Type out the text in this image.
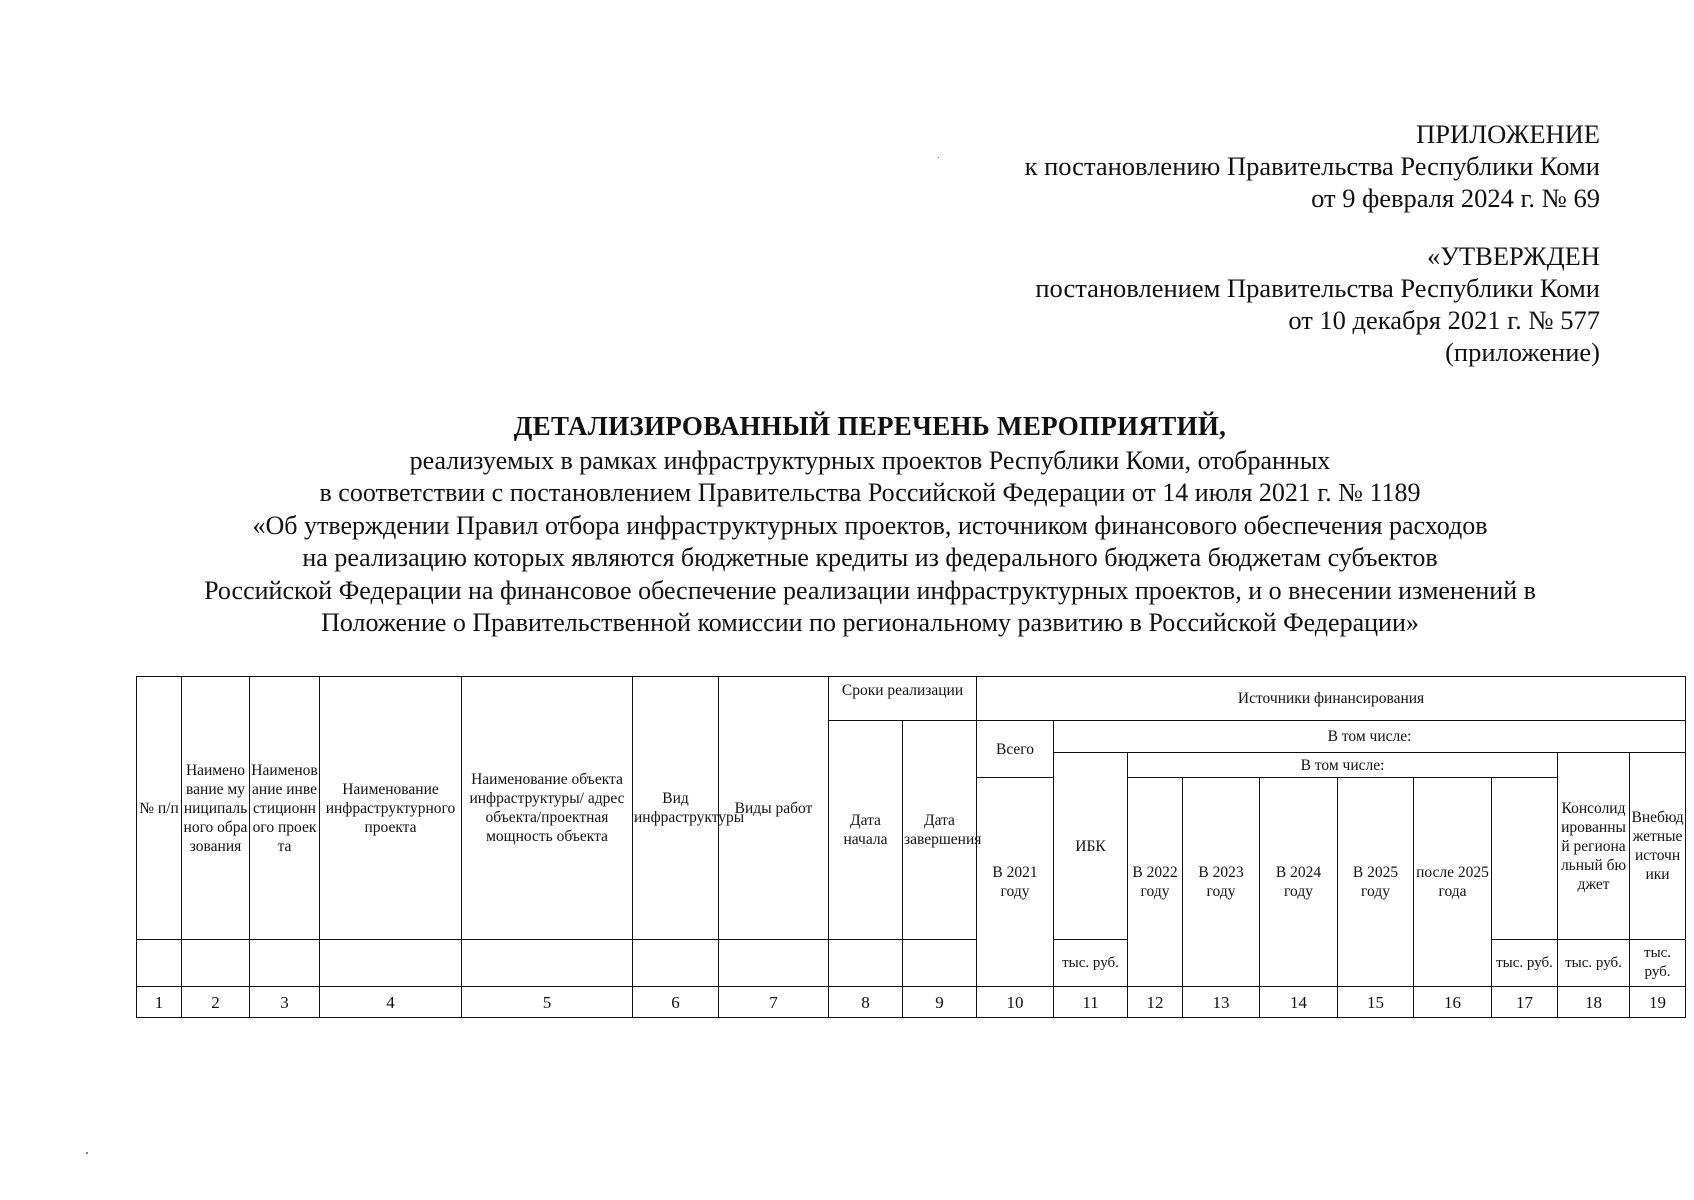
ПРИЛОЖЕНИЕ
к постановлению Правительства Республики Коми
от 9 февраля 2024 г. № 69
«УТВЕРЖДЕН
постановлением Правительства Республики Коми
от 10 декабря 2021 г. № 577
(приложение)
ДЕТАЛИЗИРОВАННЫЙ ПЕРЕЧЕНЬ МЕРОПРИЯТИЙ,
реализуемых в рамках инфраструктурных проектов Республики Коми, отобранных
в соответствии с постановлением Правительства Российской Федерации от 14 июля 2021 г. № 1189
«Об утверждении Правил отбора инфраструктурных проектов, источником финансового обеспечения расходов
на реализацию которых являются бюджетные кредиты из федерального бюджета бюджетам субъектов
Российской Федерации на финансовое обеспечение реализации инфраструктурных проектов, и о внесении изменений в
Положение о Правительственной комиссии по региональному развитию в Российской Федерации»
№ п/п	Наименование муниципального образования	Наименование инвестиционного проекта	Наименование инфраструктурного проекта	Наименование объекта инфраструктуры/ адрес объекта/проектная мощность объекта	Вид инфраструктуры	Виды работ	Сроки реализации		Источники финансирования									
							Дата начала	Дата завершения	Всего	В том числе:								
										ИБК	В том числе:						Консолидированный региональный бюджет	Внебюджетные источники
									В 2021 году		В 2022 году	В 2023 году	В 2024 году	В 2025 году	после 2025 года			
										тыс. руб.						тыс. руб.	тыс. руб.	тыс. руб.
1	2	3	4	5	6	7	8	9	10	11	12	13	14	15	16	17	18	19
